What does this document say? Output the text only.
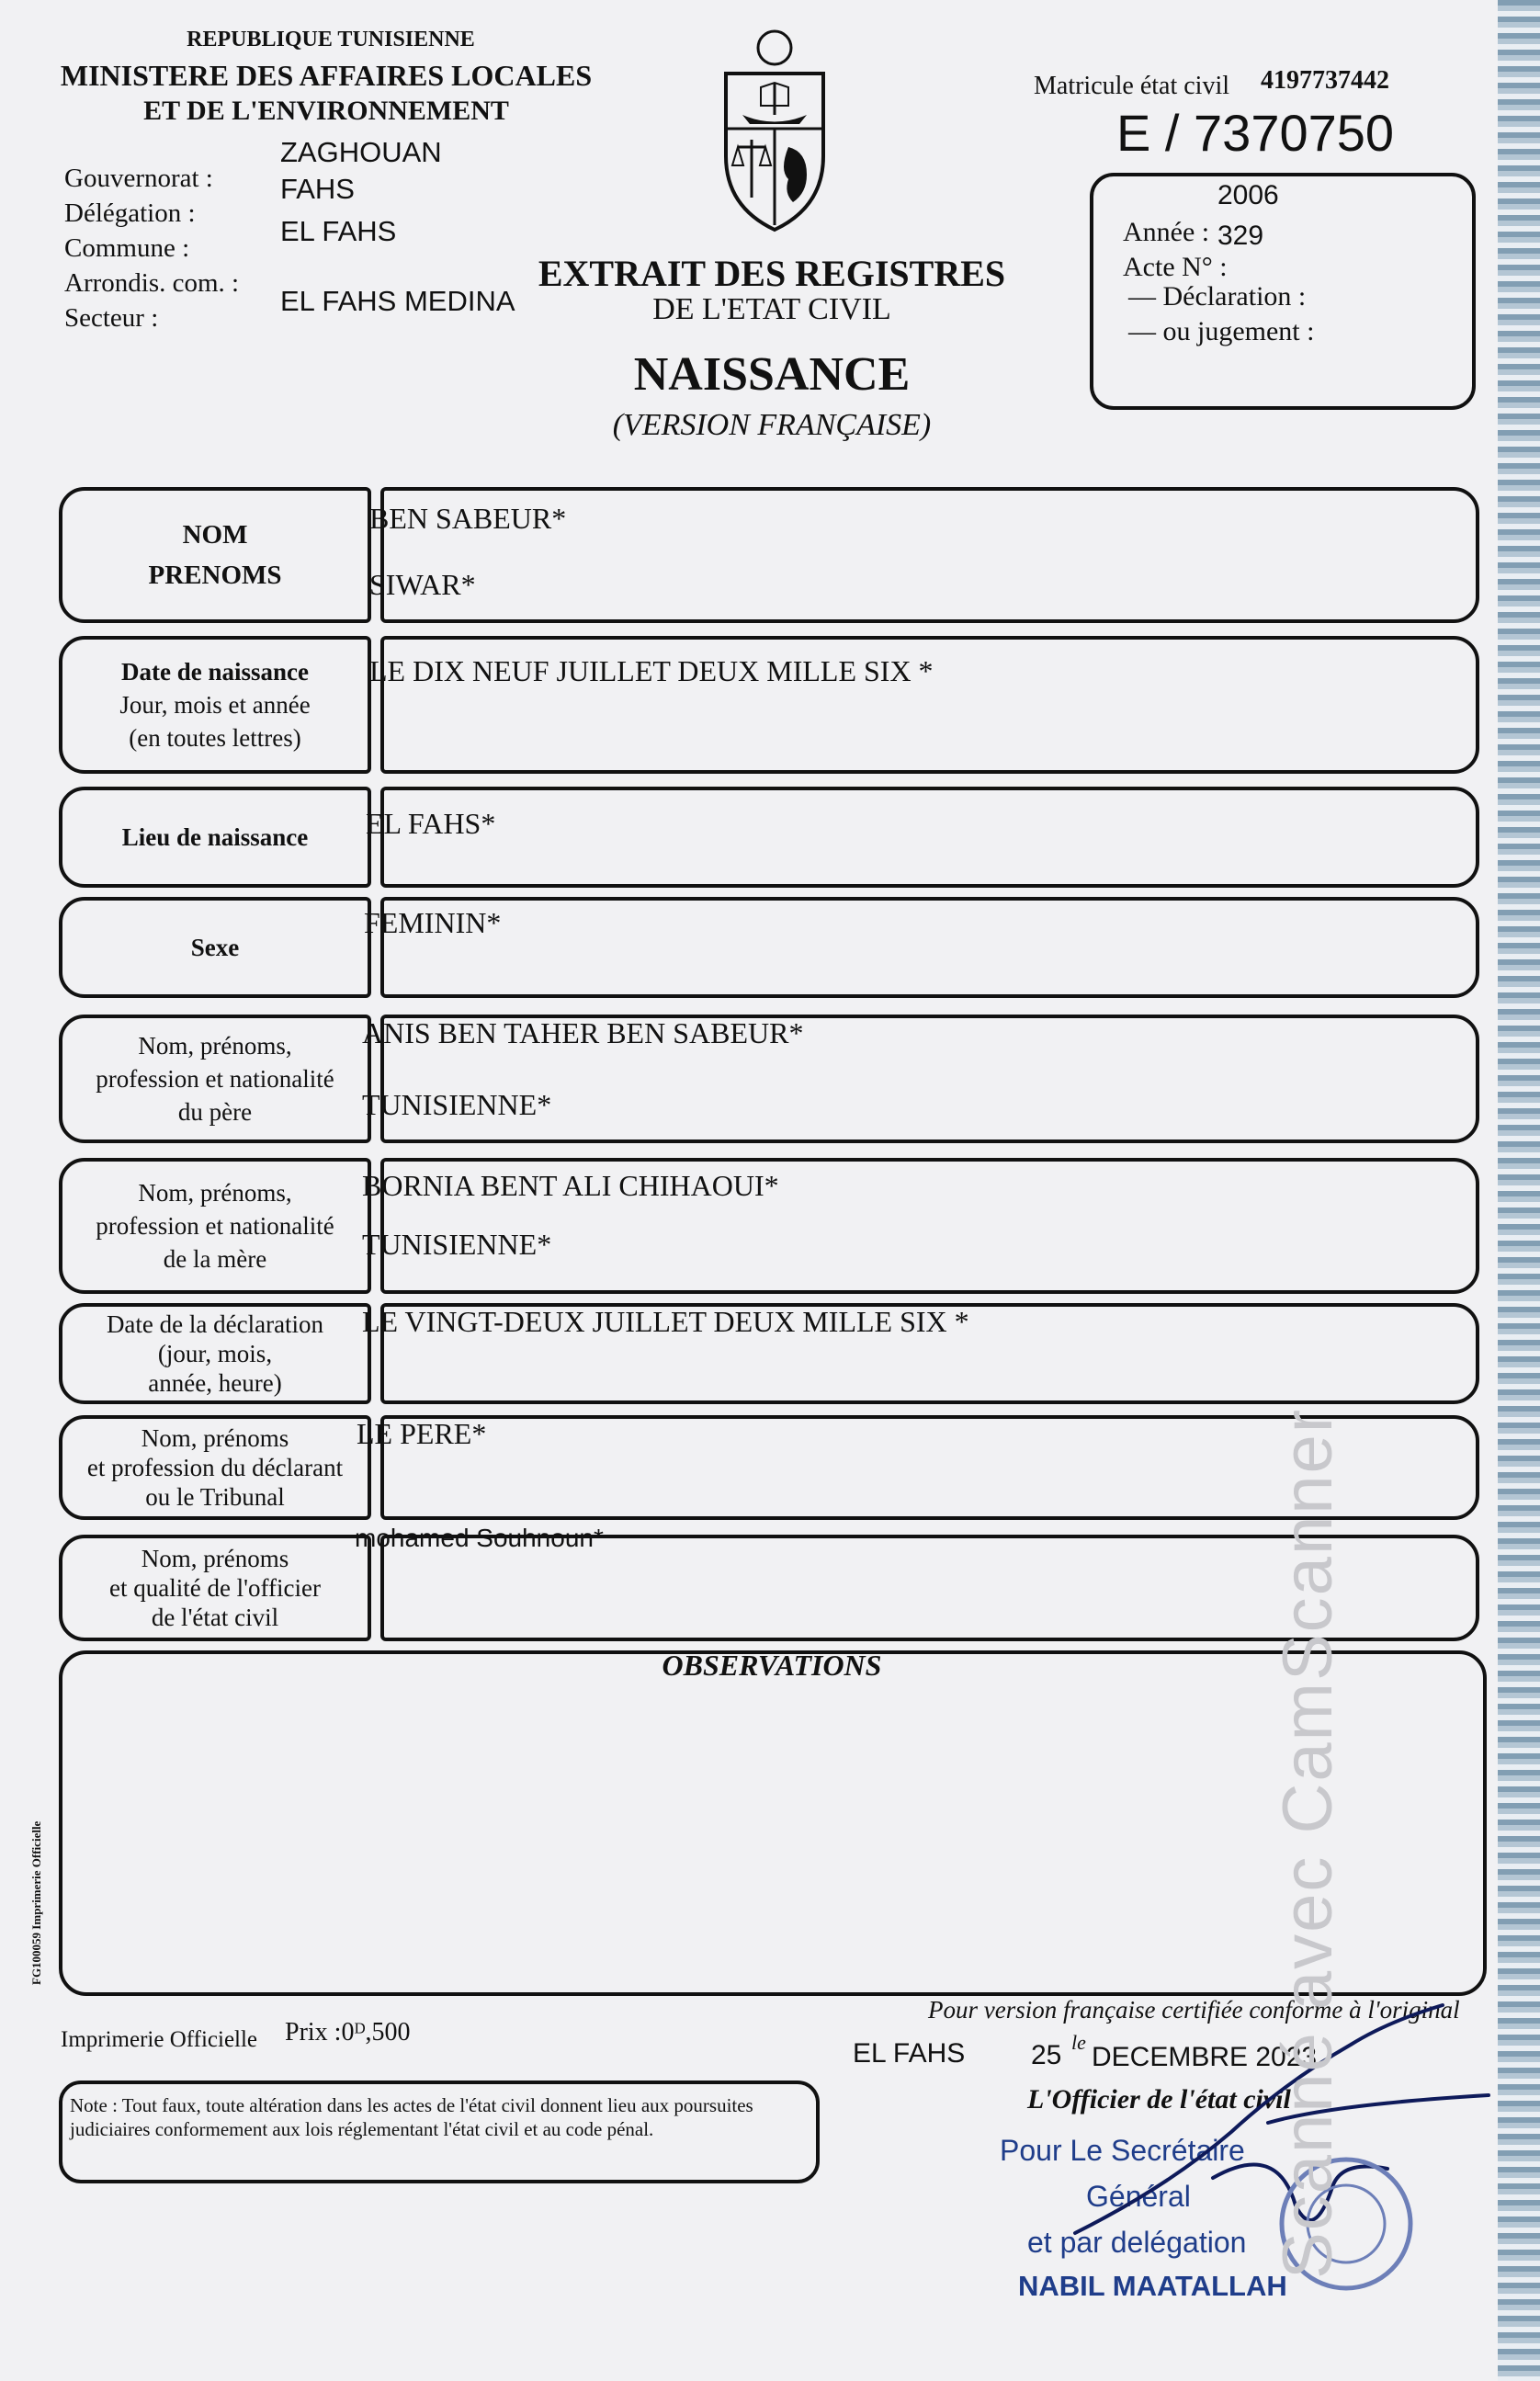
REPUBLIQUE TUNISIENNE
MINISTERE DES AFFAIRES LOCALES
ET DE L'ENVIRONNEMENT
Gouvernorat :
ZAGHOUAN
Délégation :
FAHS
Commune :
EL FAHS
Arrondis. com. :
Secteur :
EL FAHS MEDINA
Matricule état civil 4197737442
E / 7370750
2006
Année : 329
Acte N° :
— Déclaration :
— ou jugement :
EXTRAIT DES REGISTRES
DE L'ETAT CIVIL
NAISSANCE
(VERSION FRANÇAISE)
NOM
PRENOMS
BEN SABEUR*
SIWAR*
Date de naissance
Jour, mois et année
(en toutes lettres)
LE DIX NEUF JUILLET DEUX MILLE SIX *
Lieu de naissance EL FAHS*
Sexe
FEMININ*
Nom, prénoms,
profession et nationalité
du père
ANIS BEN TAHER BEN SABEUR*
TUNISIENNE*
Nom, prénoms,
profession et nationalité
de la mère
BORNIA BENT ALI CHIHAOUI*
TUNISIENNE*
Date de la déclaration
(jour, mois,
année, heure)
LE VINGT-DEUX JUILLET DEUX MILLE SIX *
Nom, prénoms
et profession du déclarant
ou le Tribunal
LE PERE*
Nom, prénoms
et qualité de l'officier
de l'état civil
mohamed Souhnoun*
OBSERVATIONS
FG100059 Imprimerie Officielle
Imprimerie Officielle Prix :0ᴰ,500
Note : Tout faux, toute altération dans les actes de l'état civil donnent lieu aux poursuites judiciaires conformement aux lois réglementant l'état civil et au code pénal.
Pour version française certifiée conforme à l'original
EL FAHS 25 le DECEMBRE 2023
L'Officier de l'état civil
Pour Le Secrétaire
Général
et par delégation
NABIL MAATALLAH
Scanné avec CamScanner
